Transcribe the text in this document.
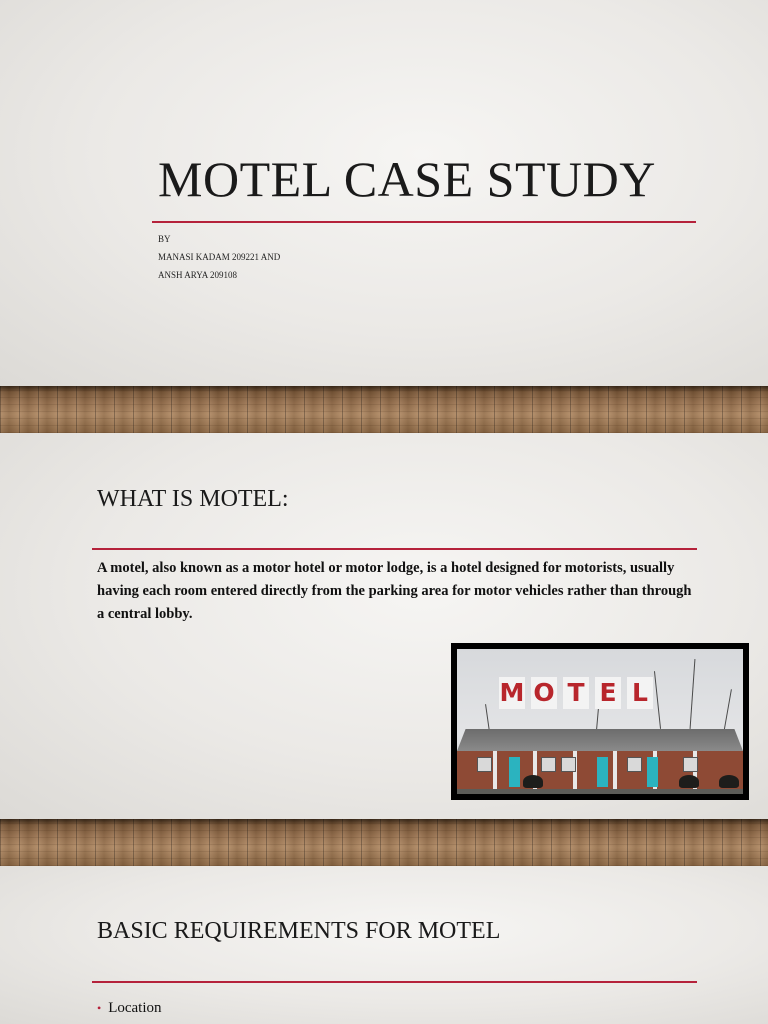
MOTEL CASE STUDY
BY
MANASI KADAM 209221 AND
ANSH ARYA 209108
WHAT IS MOTEL:
A motel, also known as a motor hotel or motor lodge, is a hotel designed for motorists, usually having each room entered directly from the parking area for motor vehicles rather than through a central lobby.
M O T E L
BASIC REQUIREMENTS FOR MOTEL
• Location
